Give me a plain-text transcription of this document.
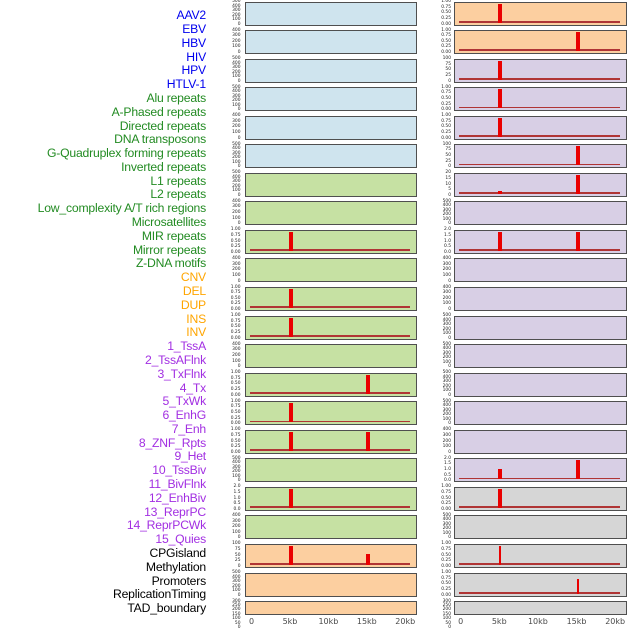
AAV2
EBV
HBV
HIV
HPV
HTLV-1
Alu repeats
A-Phased repeats
Directed repeats
DNA transposons
G-Quadruplex forming repeats
Inverted repeats
L1 repeats
L2 repeats
Low_complexity A/T rich regions
Microsatellites
MIR repeats
Mirror repeats
Z-DNA motifs
CNV
DEL
DUP
INS
INV
1_TssA
2_TssAFlnk
3_TxFlnk
4_Tx
5_TxWk
6_EnhG
7_Enh
8_ZNF_Rpts
9_Het
10_TssBiv
11_BivFlnk
12_EnhBiv
13_ReprPC
14_ReprPCWk
15_Quies
CPGisland
Methylation
Promoters
ReplicationTiming
TAD_boundary
500
400
300
200
100
0
400
300
200
100
0
500
400
300
200
100
0
500
400
300
200
100
0
400
300
200
100
0
500
400
300
200
100
0
500
400
300
200
100
0
400
300
200
100
0
1.00
0.75
0.50
0.25
0.00
400
300
200
100
0
1.00
0.75
0.50
0.25
0.00
1.00
0.75
0.50
0.25
0.00
400
300
200
100
0
1.00
0.75
0.50
0.25
0.00
1.00
0.75
0.50
0.25
0.00
1.00
0.75
0.50
0.25
0.00
500
400
300
200
100
0
2.0
1.5
1.0
0.5
0.0
400
300
200
100
0
100
75
50
25
0
500
400
300
200
100
0
300
250
200
150
100
50
0
1.00
0.75
0.50
0.25
0.00
1.00
0.75
0.50
0.25
0.00
100
75
50
25
0
1.00
0.75
0.50
0.25
0.00
1.00
0.75
0.50
0.25
0.00
100
75
50
25
0
20
15
10
5
0
500
400
300
200
100
0
2.0
1.5
1.0
0.5
0.0
400
300
200
100
0
400
300
200
100
0
500
400
300
200
100
0
500
400
300
200
100
0
500
400
300
200
100
0
500
400
300
200
100
0
400
300
200
100
0
2.0
1.5
1.0
0.5
0.0
1.00
0.75
0.50
0.25
0.00
500
400
300
200
100
0
1.00
0.75
0.50
0.25
0.00
1.00
0.75
0.50
0.25
0.00
300
250
200
150
100
50
0
0	5kb	10kb 15kb 20kb	0	5kb	10kb 15kb 20kb
